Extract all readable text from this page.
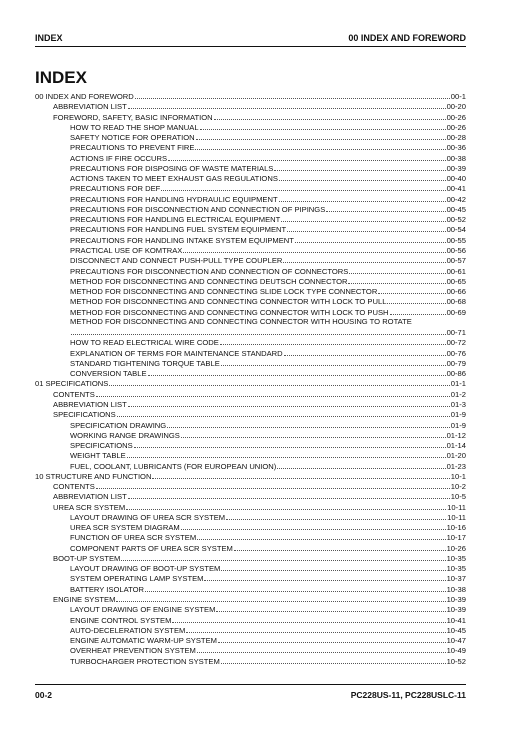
INDEX	00 INDEX AND FOREWORD
INDEX
00 INDEX AND FOREWORD	00-1
ABBREVIATION LIST	00-20
FOREWORD, SAFETY, BASIC INFORMATION	00-26
HOW TO READ THE SHOP MANUAL	00-26
SAFETY NOTICE FOR OPERATION	00-28
PRECAUTIONS TO PREVENT FIRE	00-36
ACTIONS IF FIRE OCCURS	00-38
PRECAUTIONS FOR DISPOSING OF WASTE MATERIALS	00-39
ACTIONS TAKEN TO MEET EXHAUST GAS REGULATIONS	00-40
PRECAUTIONS FOR DEF	00-41
PRECAUTIONS FOR HANDLING HYDRAULIC EQUIPMENT	00-42
PRECAUTIONS FOR DISCONNECTION AND CONNECTION OF PIPINGS	00-45
PRECAUTIONS FOR HANDLING ELECTRICAL EQUIPMENT	00-52
PRECAUTIONS FOR HANDLING FUEL SYSTEM EQUIPMENT	00-54
PRECAUTIONS FOR HANDLING INTAKE SYSTEM EQUIPMENT	00-55
PRACTICAL USE OF KOMTRAX	00-56
DISCONNECT AND CONNECT PUSH-PULL TYPE COUPLER	00-57
PRECAUTIONS FOR DISCONNECTION AND CONNECTION OF CONNECTORS	00-61
METHOD FOR DISCONNECTING AND CONNECTING DEUTSCH CONNECTOR	00-65
METHOD FOR DISCONNECTING AND CONNECTING SLIDE LOCK TYPE CONNECTOR	00-66
METHOD FOR DISCONNECTING AND CONNECTING CONNECTOR WITH LOCK TO PULL	00-68
METHOD FOR DISCONNECTING AND CONNECTING CONNECTOR WITH LOCK TO PUSH	00-69
METHOD FOR DISCONNECTING AND CONNECTING CONNECTOR WITH HOUSING TO ROTATE
00-71
HOW TO READ ELECTRICAL WIRE CODE	00-72
EXPLANATION OF TERMS FOR MAINTENANCE STANDARD	00-76
STANDARD TIGHTENING TORQUE TABLE	00-79
CONVERSION TABLE	00-86
01 SPECIFICATIONS	01-1
CONTENTS	01-2
ABBREVIATION LIST	01-3
SPECIFICATIONS	01-9
SPECIFICATION DRAWING	01-9
WORKING RANGE DRAWINGS	01-12
SPECIFICATIONS	01-14
WEIGHT TABLE	01-20
FUEL, COOLANT, LUBRICANTS (FOR EUROPEAN UNION)	01-23
10 STRUCTURE AND FUNCTION	10-1
CONTENTS	10-2
ABBREVIATION LIST	10-5
UREA SCR SYSTEM	10-11
LAYOUT DRAWING OF UREA SCR SYSTEM	10-11
UREA SCR SYSTEM DIAGRAM	10-16
FUNCTION OF UREA SCR SYSTEM	10-17
COMPONENT PARTS OF UREA SCR SYSTEM	10-26
BOOT-UP SYSTEM	10-35
LAYOUT DRAWING OF BOOT-UP SYSTEM	10-35
SYSTEM OPERATING LAMP SYSTEM	10-37
BATTERY ISOLATOR	10-38
ENGINE SYSTEM	10-39
LAYOUT DRAWING OF ENGINE SYSTEM	10-39
ENGINE CONTROL SYSTEM	10-41
AUTO-DECELERATION SYSTEM	10-45
ENGINE AUTOMATIC WARM-UP SYSTEM	10-47
OVERHEAT PREVENTION SYSTEM	10-49
TURBOCHARGER PROTECTION SYSTEM	10-52
00-2	PC228US-11, PC228USLC-11
